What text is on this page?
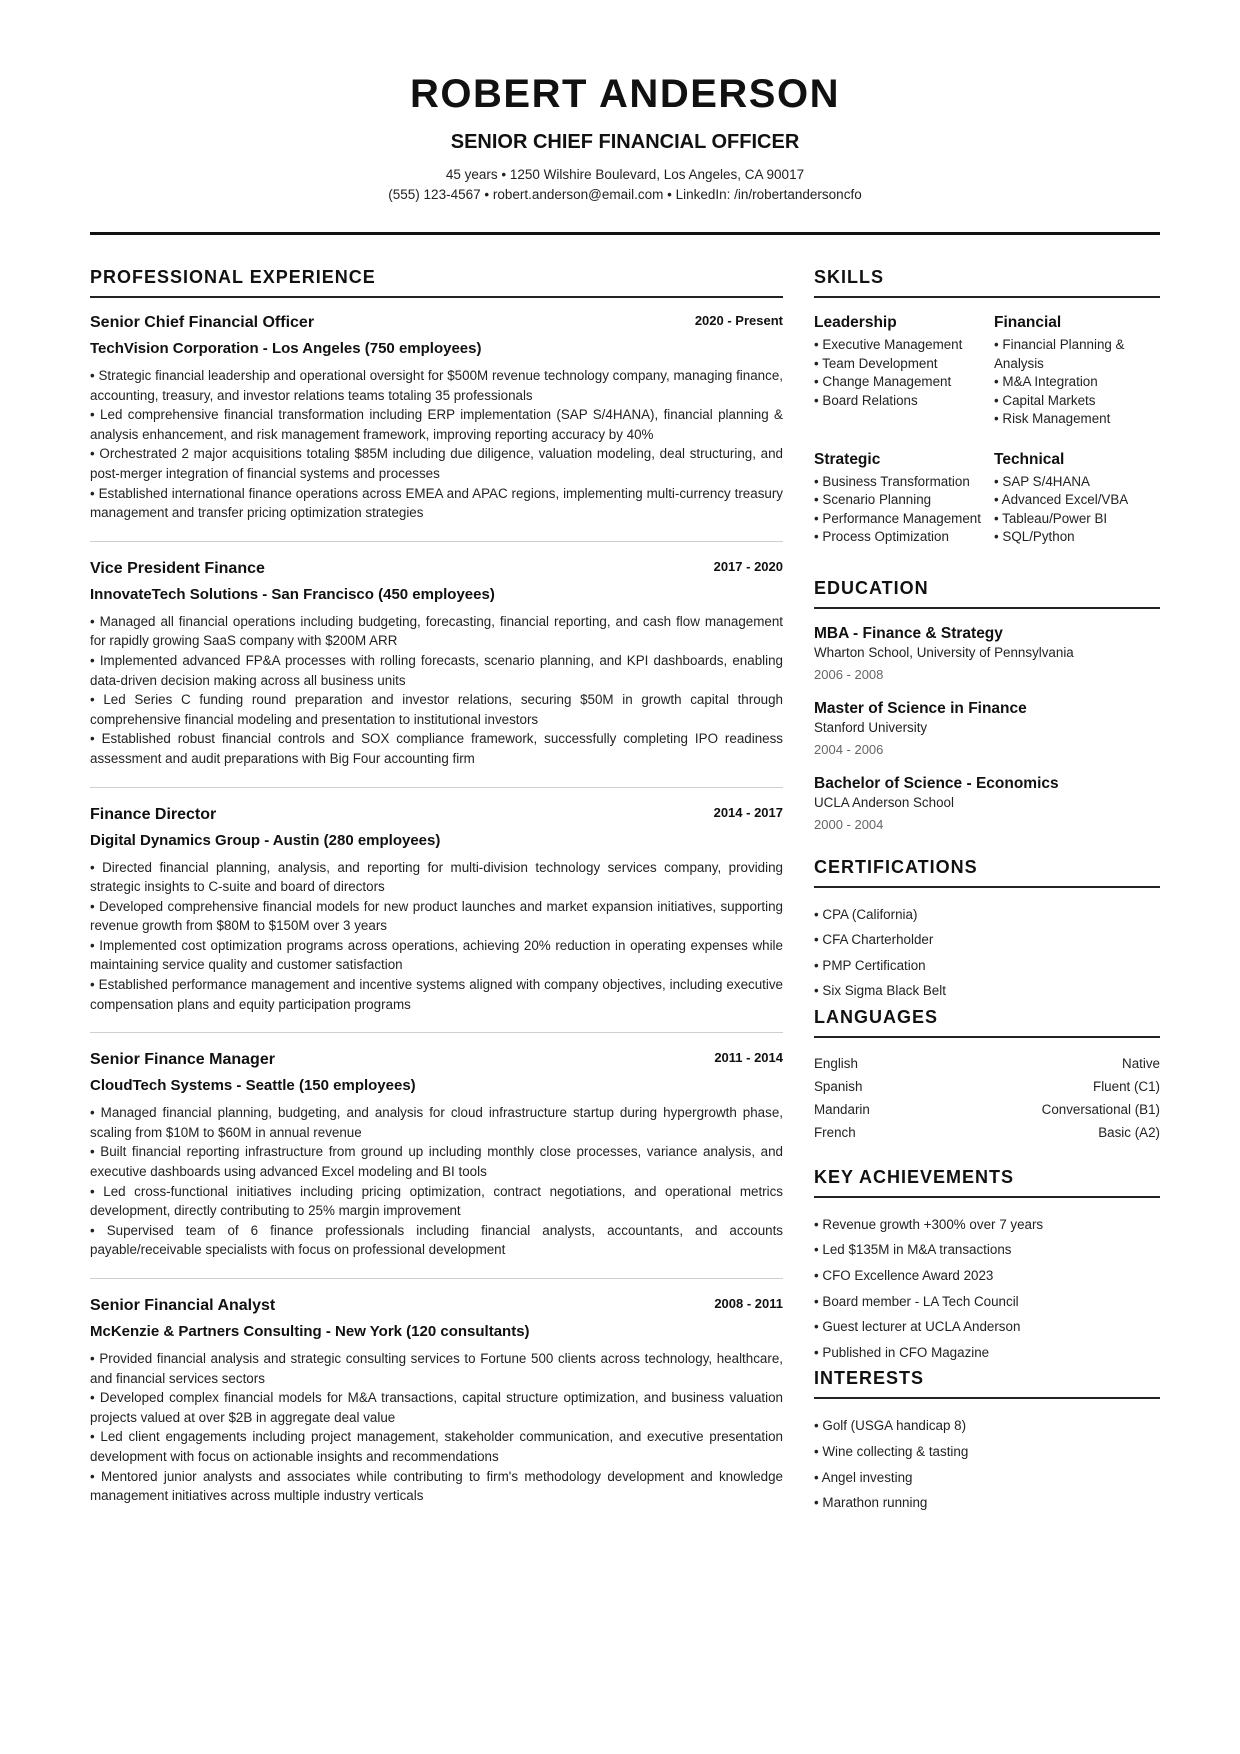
ROBERT ANDERSON
SENIOR CHIEF FINANCIAL OFFICER
45 years • 1250 Wilshire Boulevard, Los Angeles, CA 90017
(555) 123-4567 • robert.anderson@email.com • LinkedIn: /in/robertandersoncfo
PROFESSIONAL EXPERIENCE
Senior Chief Financial Officer	2020 - Present
TechVision Corporation - Los Angeles (750 employees)
• Strategic financial leadership and operational oversight for $500M revenue technology company, managing finance, accounting, treasury, and investor relations teams totaling 35 professionals
• Led comprehensive financial transformation including ERP implementation (SAP S/4HANA), financial planning & analysis enhancement, and risk management framework, improving reporting accuracy by 40%
• Orchestrated 2 major acquisitions totaling $85M including due diligence, valuation modeling, deal structuring, and post-merger integration of financial systems and processes
• Established international finance operations across EMEA and APAC regions, implementing multi-currency treasury management and transfer pricing optimization strategies
Vice President Finance	2017 - 2020
InnovateTech Solutions - San Francisco (450 employees)
• Managed all financial operations including budgeting, forecasting, financial reporting, and cash flow management for rapidly growing SaaS company with $200M ARR
• Implemented advanced FP&A processes with rolling forecasts, scenario planning, and KPI dashboards, enabling data-driven decision making across all business units
• Led Series C funding round preparation and investor relations, securing $50M in growth capital through comprehensive financial modeling and presentation to institutional investors
• Established robust financial controls and SOX compliance framework, successfully completing IPO readiness assessment and audit preparations with Big Four accounting firm
Finance Director	2014 - 2017
Digital Dynamics Group - Austin (280 employees)
• Directed financial planning, analysis, and reporting for multi-division technology services company, providing strategic insights to C-suite and board of directors
• Developed comprehensive financial models for new product launches and market expansion initiatives, supporting revenue growth from $80M to $150M over 3 years
• Implemented cost optimization programs across operations, achieving 20% reduction in operating expenses while maintaining service quality and customer satisfaction
• Established performance management and incentive systems aligned with company objectives, including executive compensation plans and equity participation programs
Senior Finance Manager	2011 - 2014
CloudTech Systems - Seattle (150 employees)
• Managed financial planning, budgeting, and analysis for cloud infrastructure startup during hypergrowth phase, scaling from $10M to $60M in annual revenue
• Built financial reporting infrastructure from ground up including monthly close processes, variance analysis, and executive dashboards using advanced Excel modeling and BI tools
• Led cross-functional initiatives including pricing optimization, contract negotiations, and operational metrics development, directly contributing to 25% margin improvement
• Supervised team of 6 finance professionals including financial analysts, accountants, and accounts payable/receivable specialists with focus on professional development
Senior Financial Analyst	2008 - 2011
McKenzie & Partners Consulting - New York (120 consultants)
• Provided financial analysis and strategic consulting services to Fortune 500 clients across technology, healthcare, and financial services sectors
• Developed complex financial models for M&A transactions, capital structure optimization, and business valuation projects valued at over $2B in aggregate deal value
• Led client engagements including project management, stakeholder communication, and executive presentation development with focus on actionable insights and recommendations
• Mentored junior analysts and associates while contributing to firm's methodology development and knowledge management initiatives across multiple industry verticals
SKILLS
Leadership
• Executive Management
• Team Development
• Change Management
• Board Relations
Financial
• Financial Planning & Analysis
• M&A Integration
• Capital Markets
• Risk Management
Strategic
• Business Transformation
• Scenario Planning
• Performance Management
• Process Optimization
Technical
• SAP S/4HANA
• Advanced Excel/VBA
• Tableau/Power BI
• SQL/Python
EDUCATION
MBA - Finance & Strategy
Wharton School, University of Pennsylvania
2006 - 2008
Master of Science in Finance
Stanford University
2004 - 2006
Bachelor of Science - Economics
UCLA Anderson School
2000 - 2004
CERTIFICATIONS
• CPA (California)
• CFA Charterholder
• PMP Certification
• Six Sigma Black Belt
LANGUAGES
English	Native
Spanish	Fluent (C1)
Mandarin	Conversational (B1)
French	Basic (A2)
KEY ACHIEVEMENTS
• Revenue growth +300% over 7 years
• Led $135M in M&A transactions
• CFO Excellence Award 2023
• Board member - LA Tech Council
• Guest lecturer at UCLA Anderson
• Published in CFO Magazine
INTERESTS
• Golf (USGA handicap 8)
• Wine collecting & tasting
• Angel investing
• Marathon running
